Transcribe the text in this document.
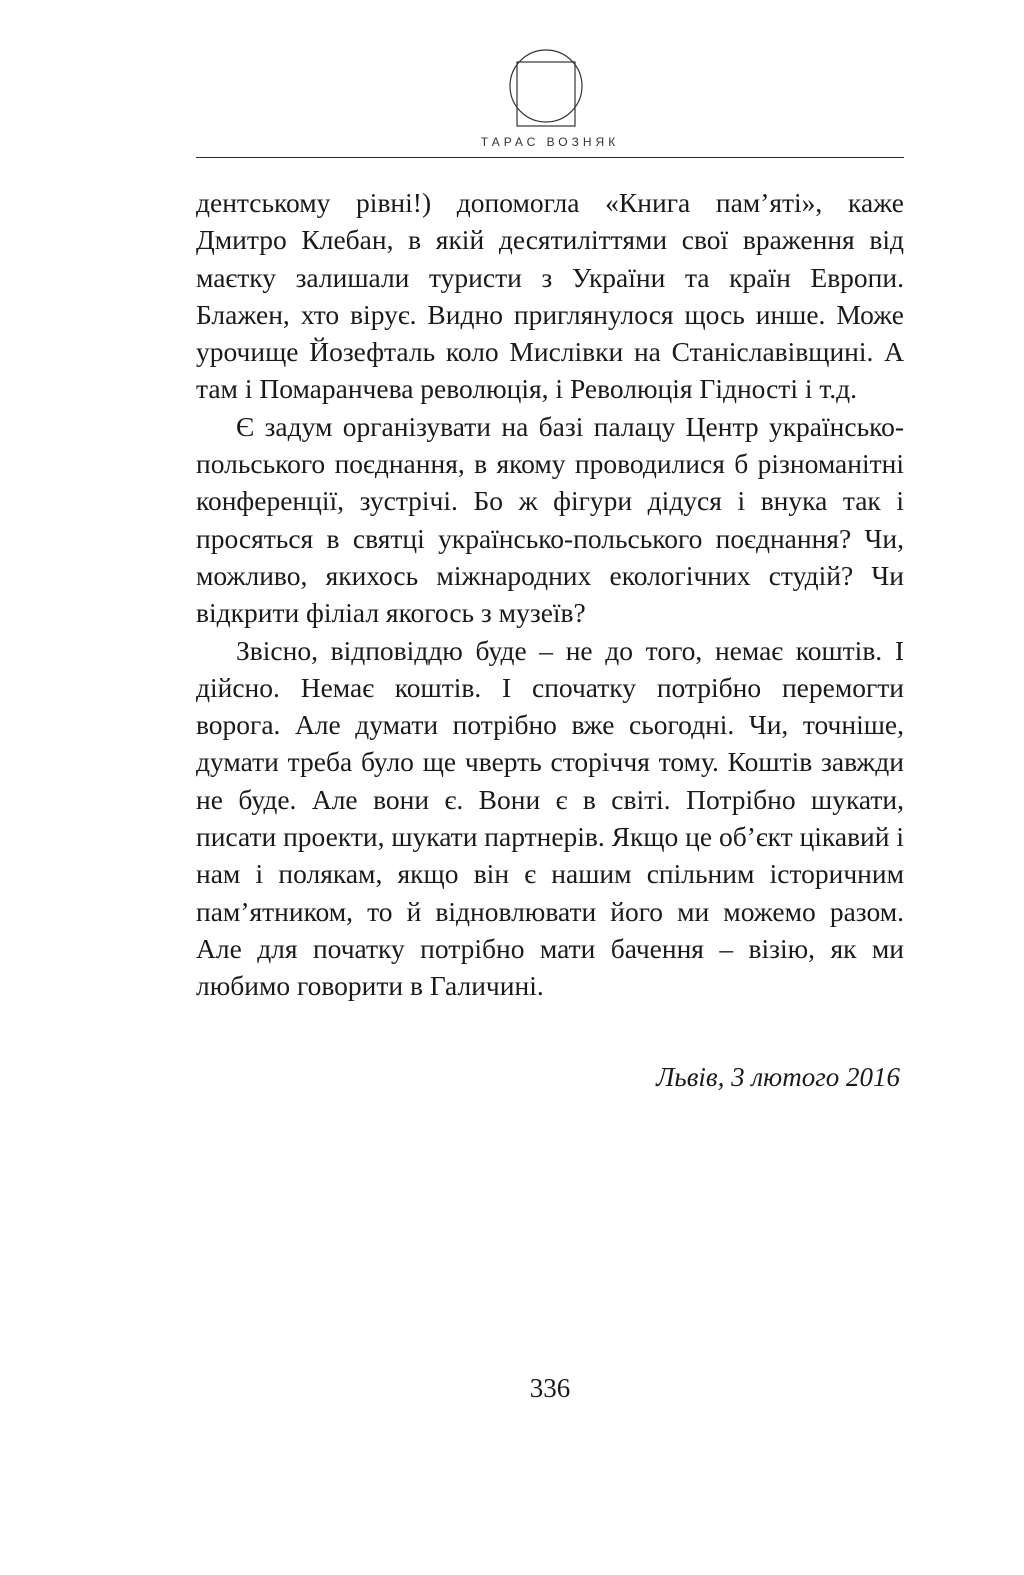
ТАРАС ВОЗНЯК

дентському рівні!) допомогла «Книга пам’яті», каже Дмитро Клебан, в якій десятиліттями свої враження від маєтку залишали туристи з України та країн Европи. Блажен, хто вірує. Видно приглянулося щось инше. Може урочище Йозефталь коло Мислівки на Станіславівщині. А там і Помаранчева революція, і Революція Гідності і т.д.

Є задум організувати на базі палацу Центр українсько-польського поєднання, в якому проводилися б різноманітні конференції, зустрічі. Бо ж фігури дідуся і внука так і просяться в святці українсько-польського поєднання? Чи, можливо, якихось міжнародних екологічних студій? Чи відкрити філіал якогось з музеїв?

Звісно, відповіддю буде – не до того, немає коштів. І дійсно. Немає коштів. І спочатку потрібно перемогти ворога. Але думати потрібно вже сьогодні. Чи, точніше, думати треба було ще чверть сторіччя тому. Коштів завжди не буде. Але вони є. Вони є в світі. Потрібно шукати, писати проекти, шукати партнерів. Якщо це об’єкт цікавий і нам і полякам, якщо він є нашим спільним історичним пам’ятником, то й відновлювати його ми можемо разом. Але для початку потрібно мати бачення – візію, як ми любимо говорити в Галичині.

Львів, 3 лютого 2016
336
